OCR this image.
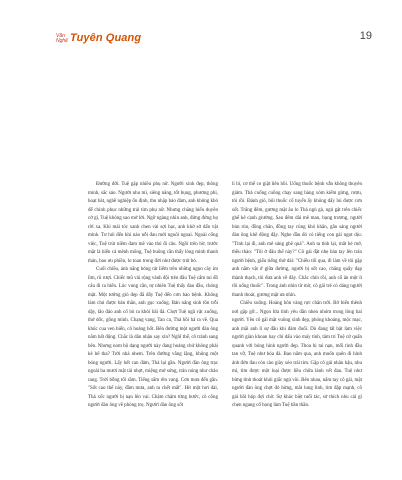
Văn
Nghệ Tuyên Quang	19

Đường đời. Tuệ gặp nhiều phụ nữ. Người xinh đẹp, thông minh, sắc sảo. Người nhu mì, siêng năng, tốt bụng, phương phi, hoạt bát, nghề nghiệp ổn định, thu nhập bảo đảm, anh không khó để chinh phục những trái tim phụ nữ. Nhưng chẳng hiểu duyên cớ gì, Tuệ không sao mở lời. Ngỡ ngàng nhìn anh, đứng đứng họ rời xa. Khi mái tóc xanh chen vài sợi bạc, anh khờ sở dấn vật mình. Tư hỏi đến khi nào nỗi đau mới nguôi ngoai. Ngoài cổng việc, Tuệ trút niềm đam mê vào thú đi câu. Ngồi trên bờ, trước mặt là biển cả mênh mông, Tuệ buông cần thấy lòng mình thanh thản, bao ưu phiền, lo toan trong đời như được trút bỏ.

Cuối chiều, ánh nắng bỏng rát liếm trên những ngọn cây im lìm, rũ rượi. Chiếc mũ vải rộng vành đội trên đầu Tuệ cẩm tui đồ câu đi ra biển. Lúc vung cần, tự nhiên Tuệ thấy đau đầu, chóng mặt. Một tưởng gió đẹp đã đẩy Tuệ đến cơn bao bệnh. Không làm chủ được bản thân, anh gục xuống. Bản nắng sinh tồn trỗi dậy, lão đảo anh cố bò ra khỏi bãi đá. Chợt Tuệ ngã vật xuống, thở dốc, gồng mình. Chạng vạng, Tan ca, Thả hồi hả ra về. Qua khúc cua ven biển, cô hoảng hốt. Bên đường một người đàn ông nằm bất động. Chắc là dân nhậu say xỉn? Nghĩ thế, cô tránh sang bên. Nhưng nom bộ dạng người này đang hoảng chứ không phải kẻ bê tha? Trời nhá nhem. Trên đường vắng lặng, không một bóng người. Lấy hết can đảm, Thả lại gần. Người đàn ông trạc ngoài ba mươi mặt tái nhợt, miệng mở sứng, trán nóng như chảo rang. Trời bỗng tối sầm. Tiếng sấm rền vang. Cơn mưa đến gần. "Sốt cao thế này, đầm mưa, anh ta chết mất". Hít một hơi dài, Thả xốc người bị nạn lên vai. Chậm chậm từng bước, cô cõng người đàn ông về phòng trọ. Người đàn ông sốt

li bì, cơ thể co giật liên hồi. Uống thuốc bệnh vẫn không thuyên giảm. Thả cuống cuồng chạy sang hàng xóm kiếm gừng, rượu, tỏi rồi. Đánh gió, bôi thuốc cố tuyển ấy không dấy lui được cơn sốt. Trắng đêm, gương mặt âu lo Thả ngủ gà, ngủ gật trên chiếc ghế kê cạnh giường. Sau đêm dài mê man, bụng trương, người bủn rủn, đồng chân, đồng tay cùng khó khăn, gắn sáng người đàn ông khẽ động đậy. Nghe đầu đó có tiếng con gái ngọt dịu: "Tỉnh lại đi, anh mê sảng ghê quá". Anh ta tỉnh lại, mắt hé mở, thều thào: "Tôi ở đâu thế này?" Cô gái đặt nhẹ bàn tay lên trán người bệnh, giấu tiếng thở dài: "Chiều tối qua, đi làm về tôi gặp anh nằm vật ở giữa đường, người bị sốt cao, chẳng quẩy đạp thành thạch, tôi đưa anh về đây. Chắc chín rồi, anh cố ăn một ít rồi uống thuốc". Trong ánh nhìn từ mờ, cô gái trẻ có dáng người thanh thoát, gương mặt ưa nhìn.

Chiều xuống. Hoàng hôn vàng rực chân trời. Bờ biển thênh nơi gặp gỡ... Ngọn lửa tình yêu dần nhen nhóm trong lòng hai người. Yêu cô gái mặt vuông xinh đẹp, phóng khoáng, mộc mạc, anh mãi anh lí sự đầu khi đám đuối. Dù đang tất bật làm việc người giàn khoan hay chỉ dấu vào máy tính, tâm trí Tuệ cứ quẩn quanh với bóng hình người đẹp. Thoa bị tai nạn, mổi tình đầu tan vỡ, Tuệ như hóa đá. Bao năm qua, anh muốn quên đi hình ảnh đớn đau còn cào giày xéo trái tim. Gặp cô gái nhân hậu, nhu mì, tìm được một loại được liều chữa lành vết đau. Tuệ như bừng tỉnh thoát khỏi giấc ngủ vùi. Bên nhau, nắm tay cô gái, mặt người đàn ông chợt đỏ bừng, mắt lung linh, tim đập mạnh, cõ gái hồi hộp đợi chờ. Sự khác biệt tuổi tác, sở thích nhu cái gì chẹn ngang cổ họng làm Tuệ bần thần.
